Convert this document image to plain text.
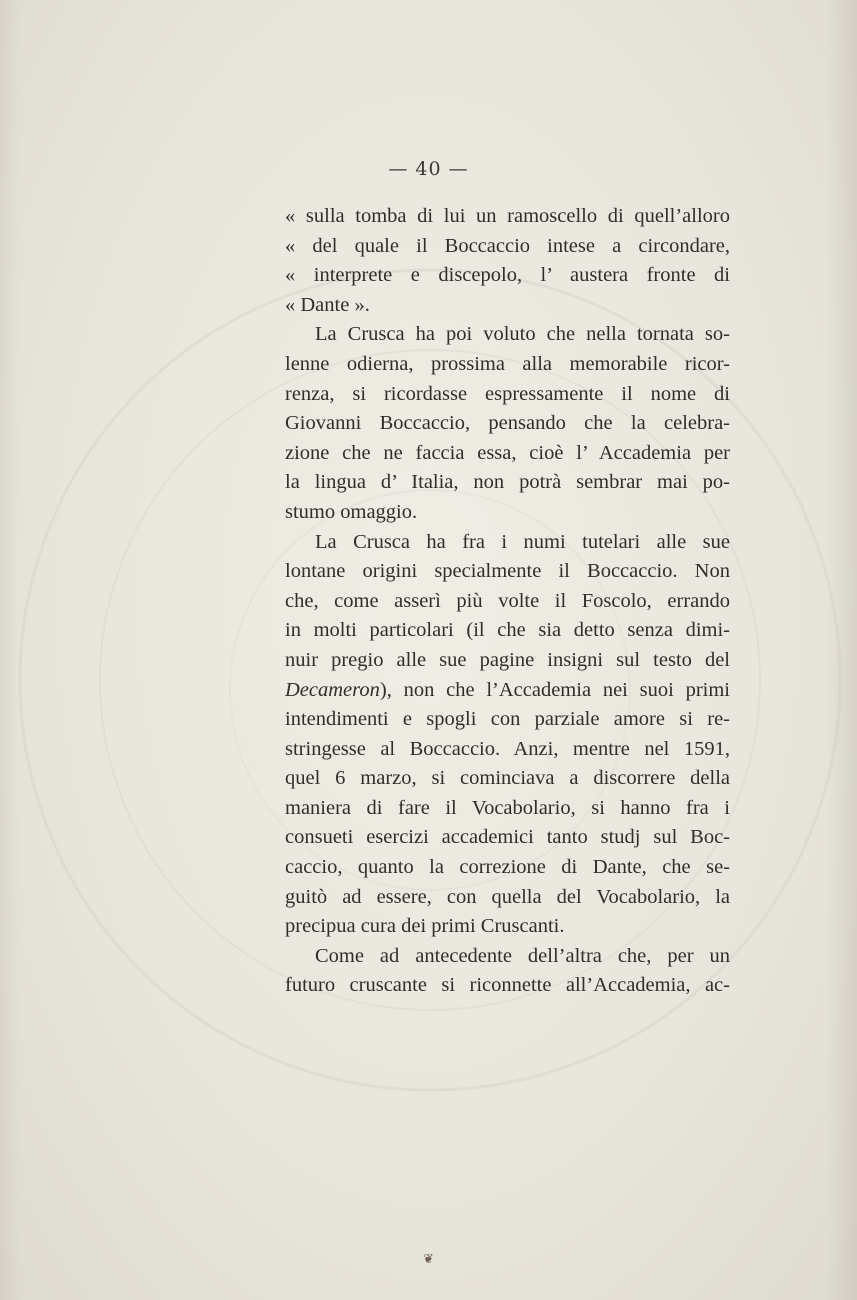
— 40 —

« sulla tomba di lui un ramoscello di quell’alloro

« del quale il Boccaccio intese a circondare,

« interprete e discepolo, l’ austera fronte di

« Dante ».

La Crusca ha poi voluto che nella tornata so-

lenne odierna, prossima alla memorabile ricor-

renza, si ricordasse espressamente il nome di

Giovanni Boccaccio, pensando che la celebra-

zione che ne faccia essa, cioè l’ Accademia per

la lingua d’ Italia, non potrà sembrar mai po-

stumo omaggio.

La Crusca ha fra i numi tutelari alle sue

lontane origini specialmente il Boccaccio. Non

che, come asserì più volte il Foscolo, errando

in molti particolari (il che sia detto senza dimi-

nuir pregio alle sue pagine insigni sul testo del

Decameron), non che l’Accademia nei suoi primi

intendimenti e spogli con parziale amore si re-

stringesse al Boccaccio. Anzi, mentre nel 1591,

quel 6 marzo, si cominciava a discorrere della

maniera di fare il Vocabolario, si hanno fra i

consueti esercizi accademici tanto studj sul Boc-

caccio, quanto la correzione di Dante, che se-

guitò ad essere, con quella del Vocabolario, la

precipua cura dei primi Cruscanti.

Come ad antecedente dell’altra che, per un

futuro cruscante si riconnette all’Accademia, ac-

❦
